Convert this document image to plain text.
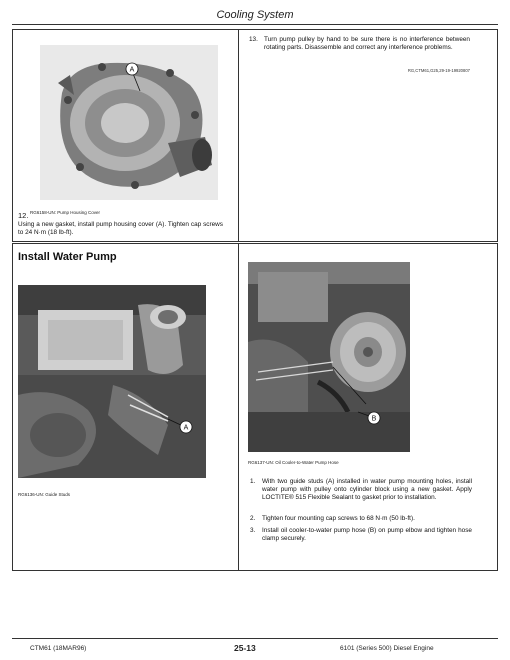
Cooling System
A
RG6158-UN: Pump Housing Cover
12.
Using a new gasket, install pump housing cover (A). Tighten cap screws to 24 N·m (18 lb-ft).
13. Turn pump pulley by hand to be sure there is no interference between rotating parts. Disassemble and correct any interference problems.
RG,CTM61,G25,29-19-19920807
Install Water Pump
A
RG6136-UN: Guide Studs
B
RG6137-UN: Oil Cooler-to-Water Pump Hose
1. With two guide studs (A) installed in water pump mounting holes, install water pump with pulley onto cylinder block using a new gasket. Apply LOCTITE® 515 Flexible Sealant to gasket prior to installation.
2. Tighten four mounting cap screws to 68 N·m (50 lb-ft).
3. Install oil cooler-to-water pump hose (B) on pump elbow and tighten hose clamp securely.
CTM61 (18MAR96)	25-13	6101 (Series 500) Diesel Engine
